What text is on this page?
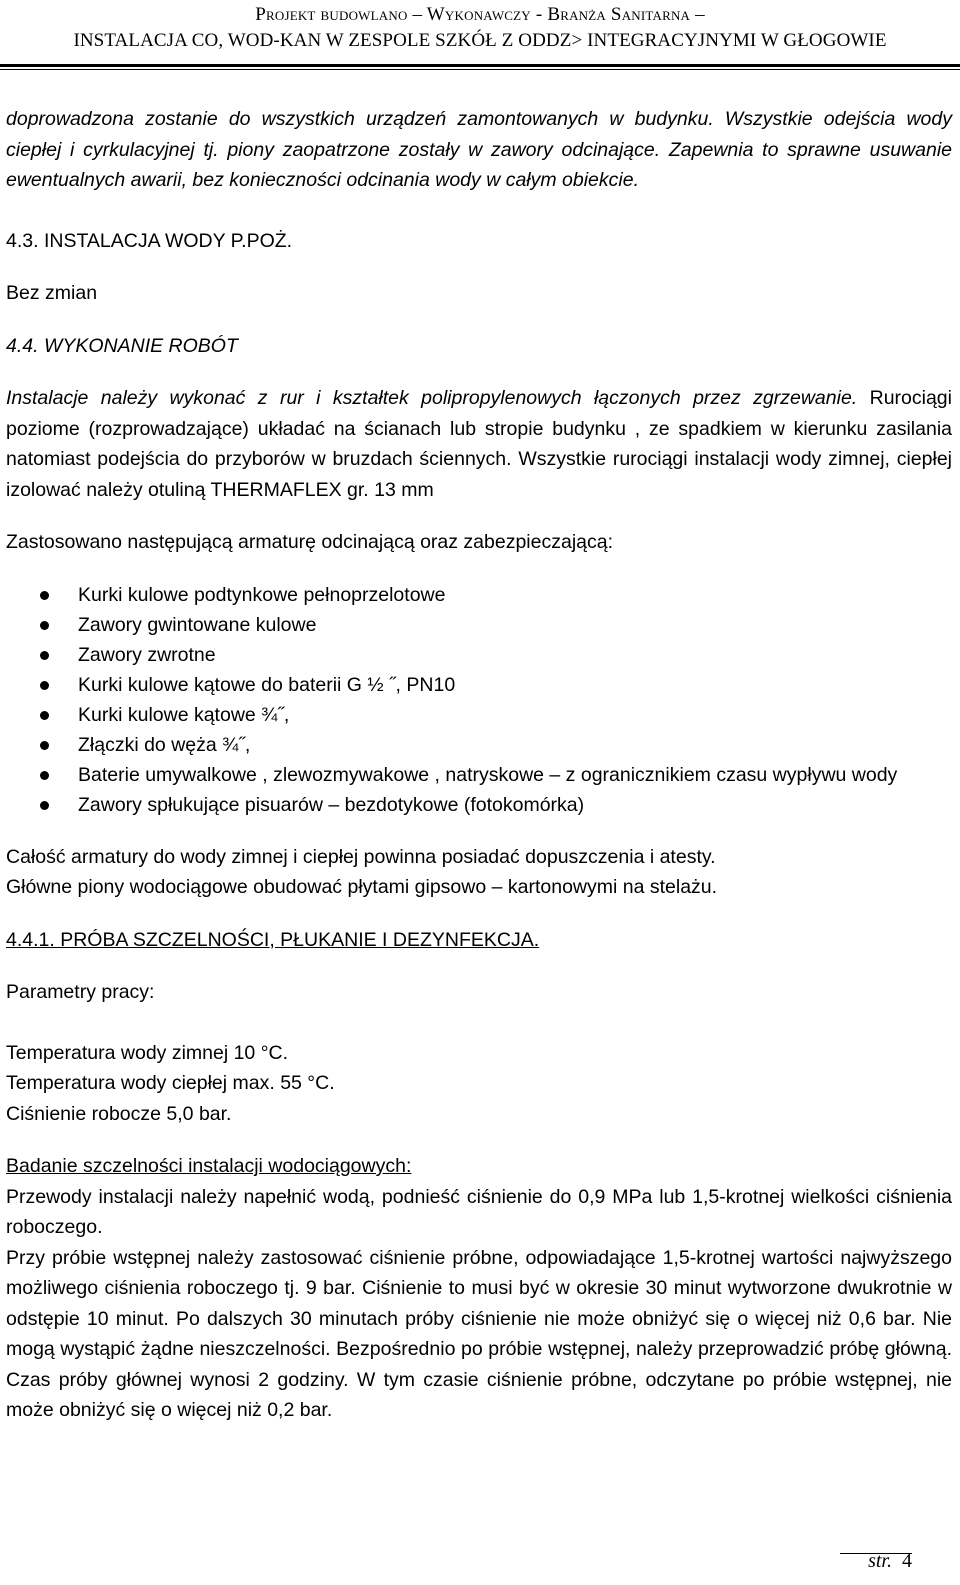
Projekt budowlano – Wykonawczy - Branża Sanitarna –
INSTALACJA CO, WOD-KAN W ZESPOLE SZKÓŁ Z ODDZ> INTEGRACYJNYMI W GŁOGOWIE

doprowadzona zostanie do wszystkich urządzeń zamontowanych w budynku. Wszystkie odejścia wody ciepłej i cyrkulacyjnej tj. piony zaopatrzone zostały w zawory odcinające. Zapewnia to sprawne usuwanie ewentualnych awarii, bez konieczności odcinania wody w całym obiekcie.

4.3. INSTALACJA WODY P.POŻ.

Bez zmian

4.4. WYKONANIE ROBÓT

Instalacje należy wykonać z rur i kształtek polipropylenowych łączonych przez zgrzewanie. Rurociągi poziome (rozprowadzające) układać na ścianach lub stropie budynku , ze spadkiem w kierunku zasilania natomiast podejścia do przyborów w bruzdach ściennych. Wszystkie rurociągi instalacji wody zimnej, ciepłej izolować należy otuliną THERMAFLEX gr. 13 mm

Zastosowano następującą armaturę odcinającą oraz zabezpieczającą:

Kurki kulowe podtynkowe pełnoprzelotowe
Zawory gwintowane kulowe
Zawory zwrotne
Kurki kulowe kątowe do baterii G ½ ˝, PN10
Kurki kulowe kątowe ¾˝,
Złączki do węża ¾˝,
Baterie umywalkowe , zlewozmywakowe , natryskowe – z ogranicznikiem czasu wypływu wody
Zawory spłukujące pisuarów – bezdotykowe (fotokomórka)

Całość armatury do wody zimnej i ciepłej powinna posiadać dopuszczenia i atesty.

Główne piony wodociągowe obudować płytami gipsowo – kartonowymi na stelażu.

4.4.1. PRÓBA SZCZELNOŚCI, PŁUKANIE I DEZYNFEKCJA.

Parametry pracy:

Temperatura wody zimnej 10 °C.

Temperatura wody ciepłej max. 55 °C.

Ciśnienie robocze 5,0 bar.

Badanie szczelności instalacji wodociągowych:

Przewody instalacji należy napełnić wodą, podnieść ciśnienie do 0,9 MPa lub 1,5-krotnej wielkości ciśnienia roboczego.

Przy próbie wstępnej należy zastosować ciśnienie próbne, odpowiadające 1,5-krotnej wartości najwyższego możliwego ciśnienia roboczego tj. 9 bar. Ciśnienie to musi być w okresie 30 minut wytworzone dwukrotnie w odstępie 10 minut. Po dalszych 30 minutach próby ciśnienie nie może obniżyć się o więcej niż 0,6 bar. Nie mogą wystąpić żądne nieszczelności. Bezpośrednio po próbie wstępnej, należy przeprowadzić próbę główną. Czas próby głównej wynosi 2 godziny. W tym czasie ciśnienie próbne, odczytane po próbie wstępnej, nie może obniżyć się o więcej niż 0,2 bar.

str. 4
